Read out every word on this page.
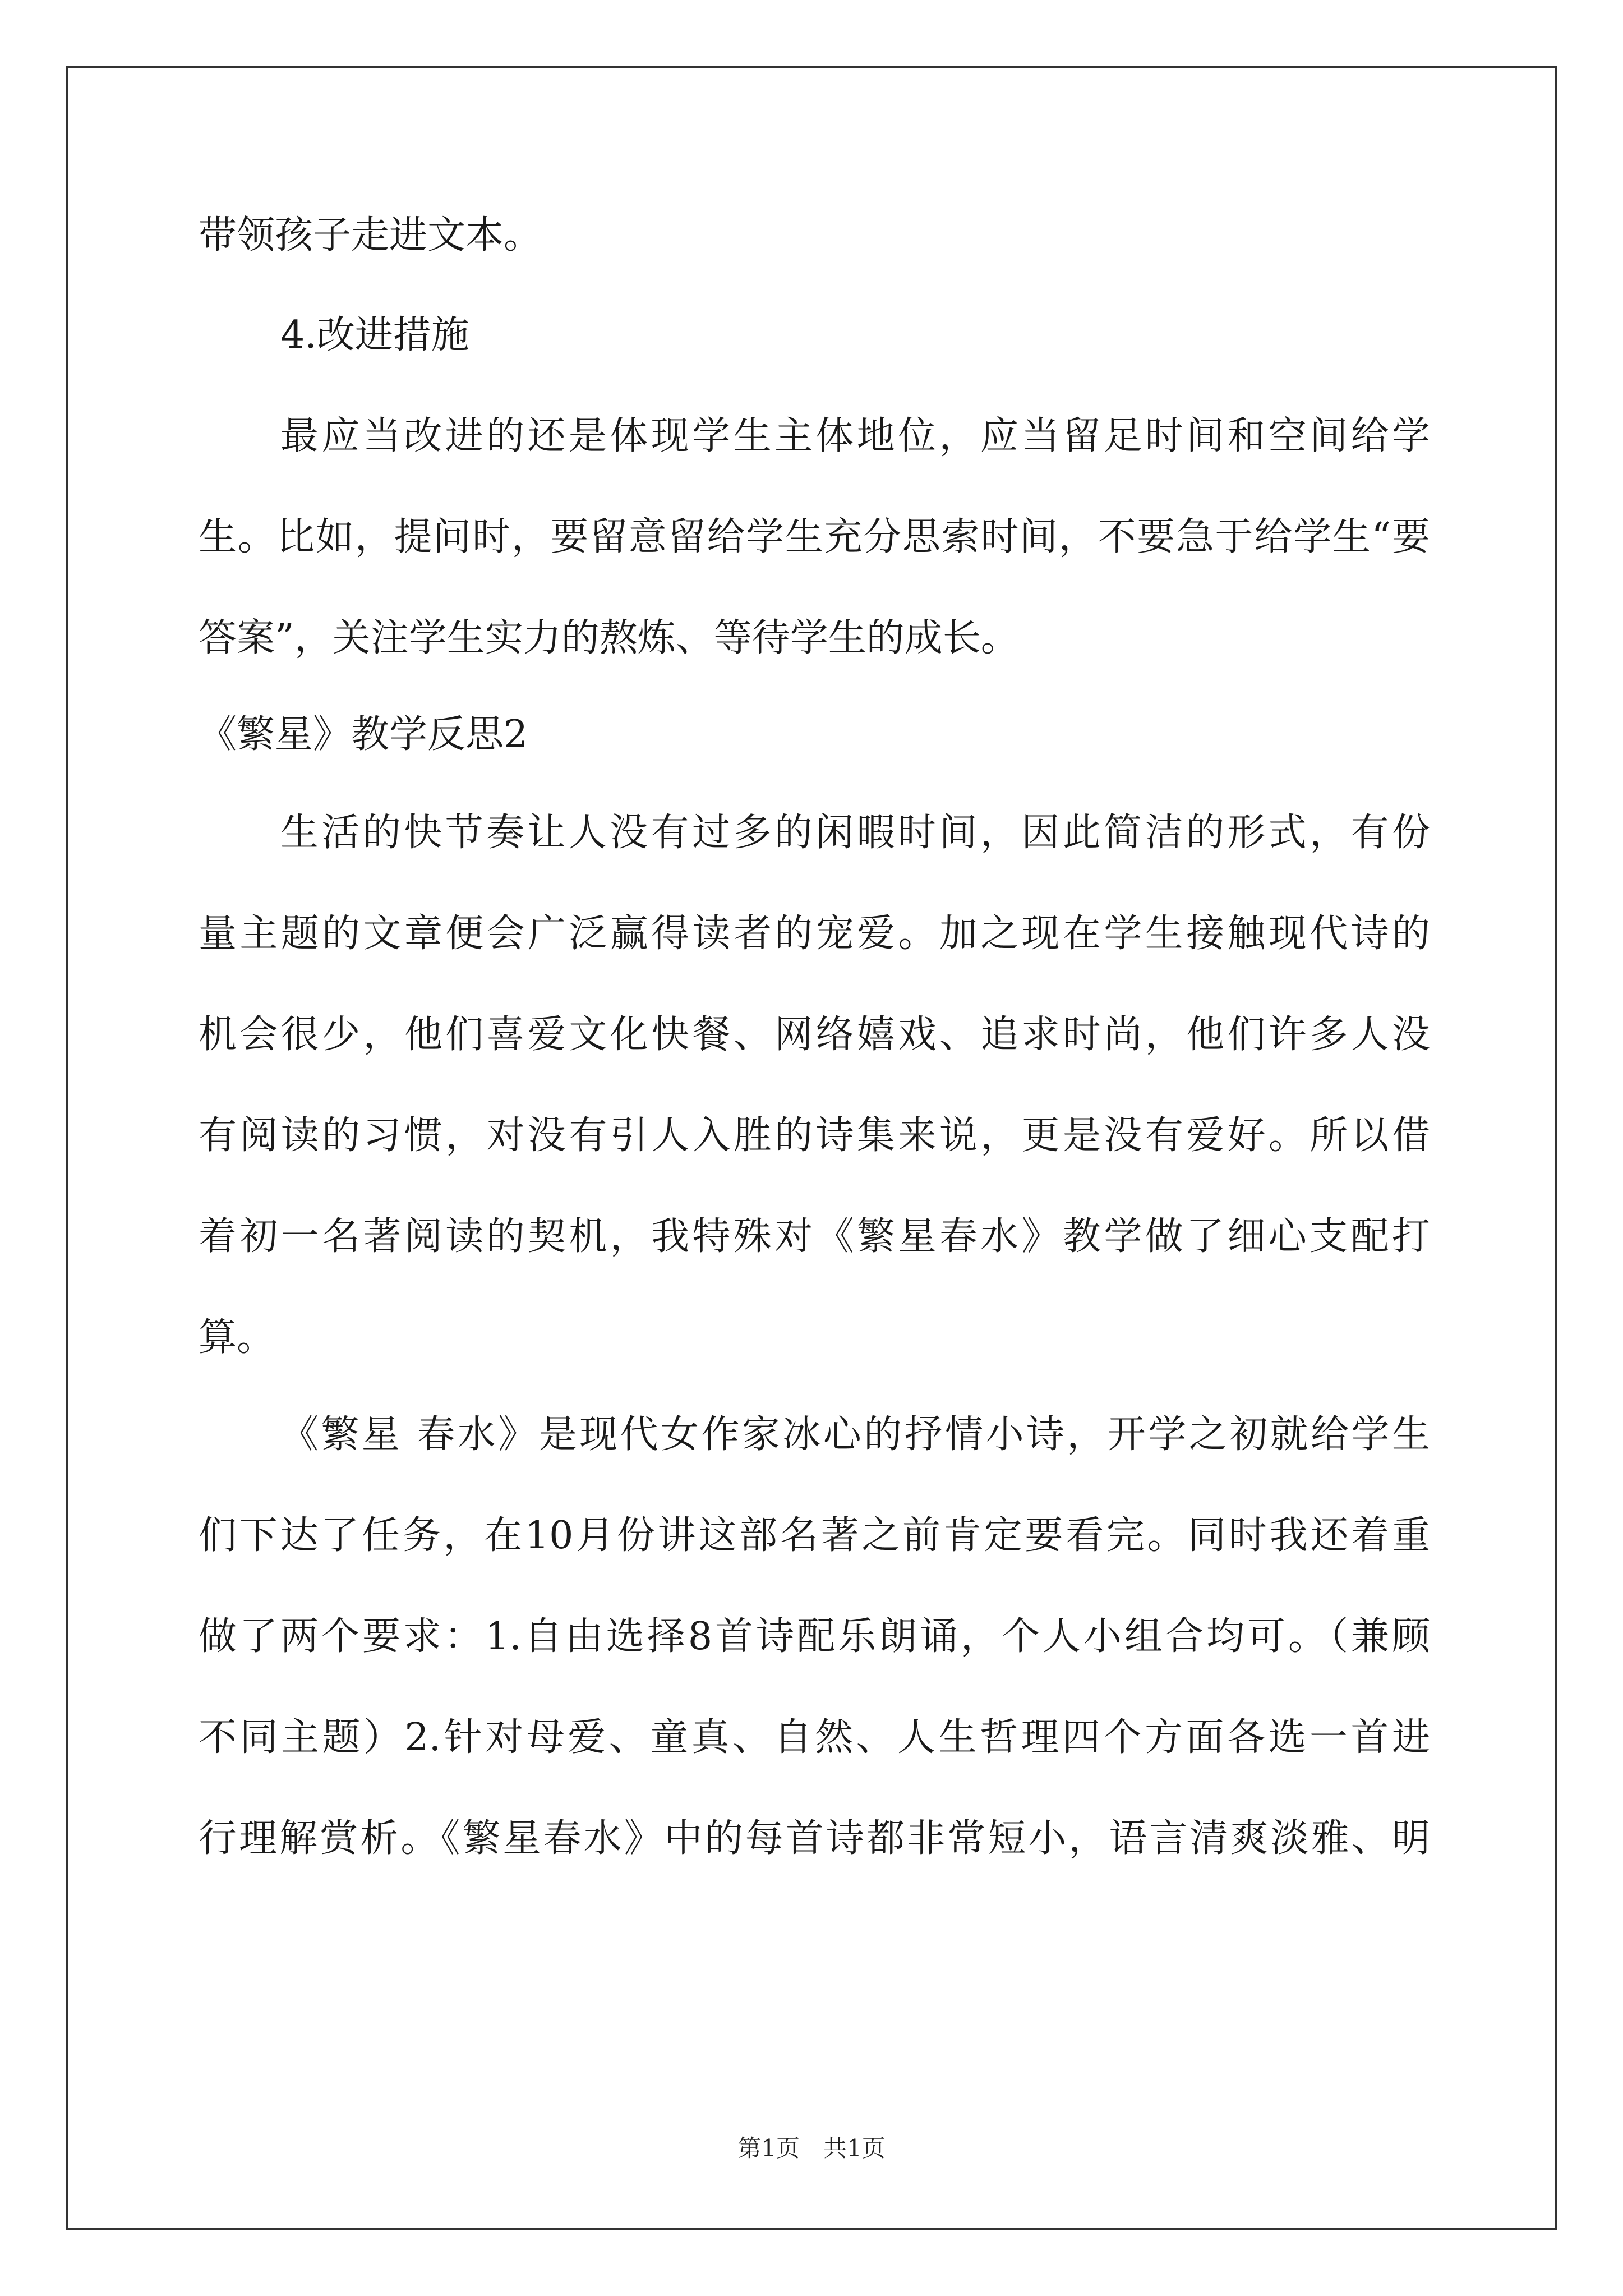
带领孩子走进文本。
4.改进措施
最应当改进的还是体现学生主体地位，应当留足时间和空间给学
生。比如，提问时，要留意留给学生充分思索时间，不要急于给学生“要
答案”，关注学生实力的熬炼、等待学生的成长。
《繁星》教学反思2
生活的快节奏让人没有过多的闲暇时间，因此简洁的形式，有份
量主题的文章便会广泛赢得读者的宠爱。加之现在学生接触现代诗的
机会很少，他们喜爱文化快餐、网络嬉戏、追求时尚，他们许多人没
有阅读的习惯，对没有引人入胜的诗集来说，更是没有爱好。所以借
着初一名著阅读的契机，我特殊对《繁星春水》教学做了细心支配打
算。
《繁星 春水》是现代女作家冰心的抒情小诗，开学之初就给学生
们下达了任务，在10月份讲这部名著之前肯定要看完。同时我还着重
做了两个要求：1.自由选择8首诗配乐朗诵，个人小组合均可。（兼顾
不同主题）2.针对母爱、童真、自然、人生哲理四个方面各选一首进
行理解赏析。《繁星春水》中的每首诗都非常短小，语言清爽淡雅、明
第1页　共1页
